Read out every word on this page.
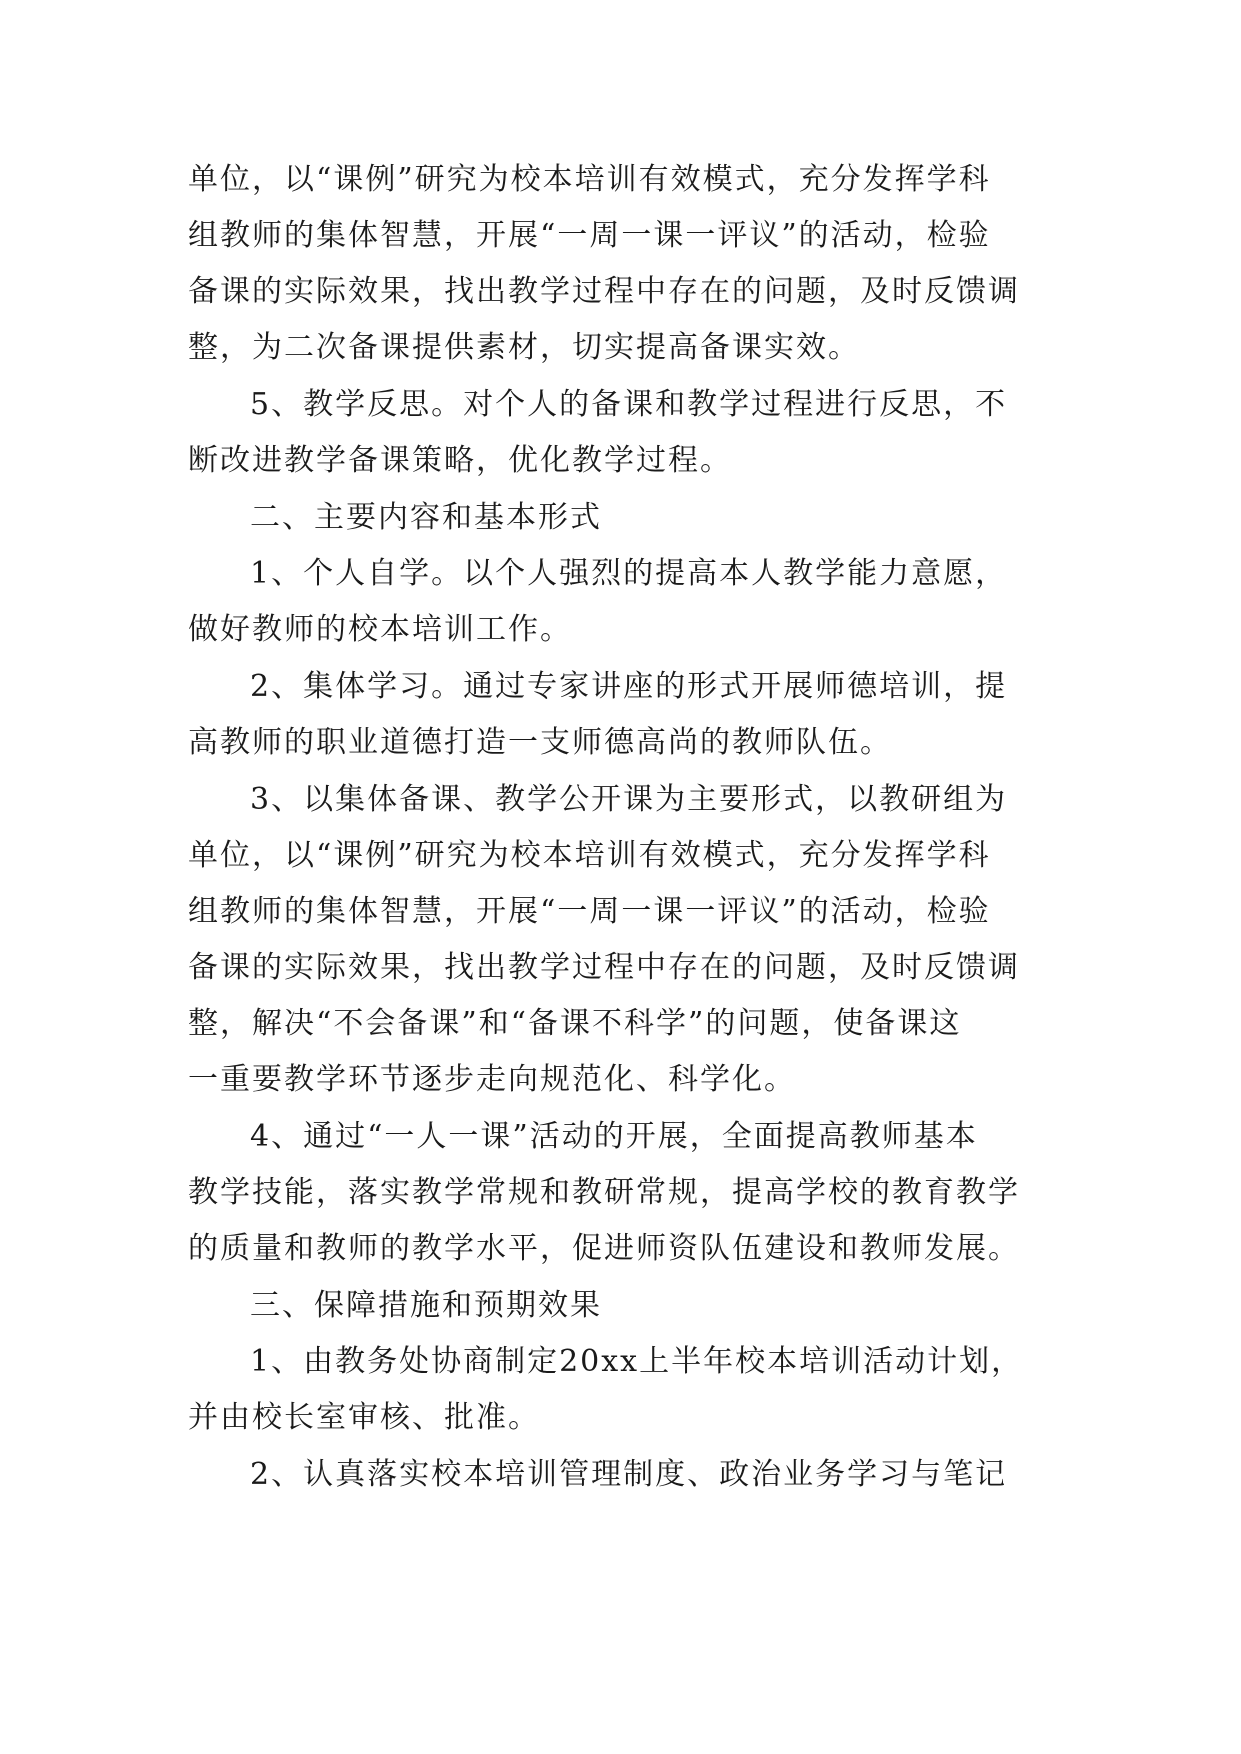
单位，以“课例”研究为校本培训有效模式，充分发挥学科
组教师的集体智慧，开展“一周一课一评议”的活动，检验
备课的实际效果，找出教学过程中存在的问题，及时反馈调
整，为二次备课提供素材，切实提高备课实效。
5、教学反思。对个人的备课和教学过程进行反思，不
断改进教学备课策略，优化教学过程。
二、主要内容和基本形式
1、个人自学。以个人强烈的提高本人教学能力意愿，
做好教师的校本培训工作。
2、集体学习。通过专家讲座的形式开展师德培训，提
高教师的职业道德打造一支师德高尚的教师队伍。
3、以集体备课、教学公开课为主要形式，以教研组为
单位，以“课例”研究为校本培训有效模式，充分发挥学科
组教师的集体智慧，开展“一周一课一评议”的活动，检验
备课的实际效果，找出教学过程中存在的问题，及时反馈调
整，解决“不会备课”和“备课不科学”的问题，使备课这
一重要教学环节逐步走向规范化、科学化。
4、通过“一人一课”活动的开展，全面提高教师基本
教学技能，落实教学常规和教研常规，提高学校的教育教学
的质量和教师的教学水平，促进师资队伍建设和教师发展。
三、保障措施和预期效果
1、由教务处协商制定20xx上半年校本培训活动计划，
并由校长室审核、批准。
2、认真落实校本培训管理制度、政治业务学习与笔记
